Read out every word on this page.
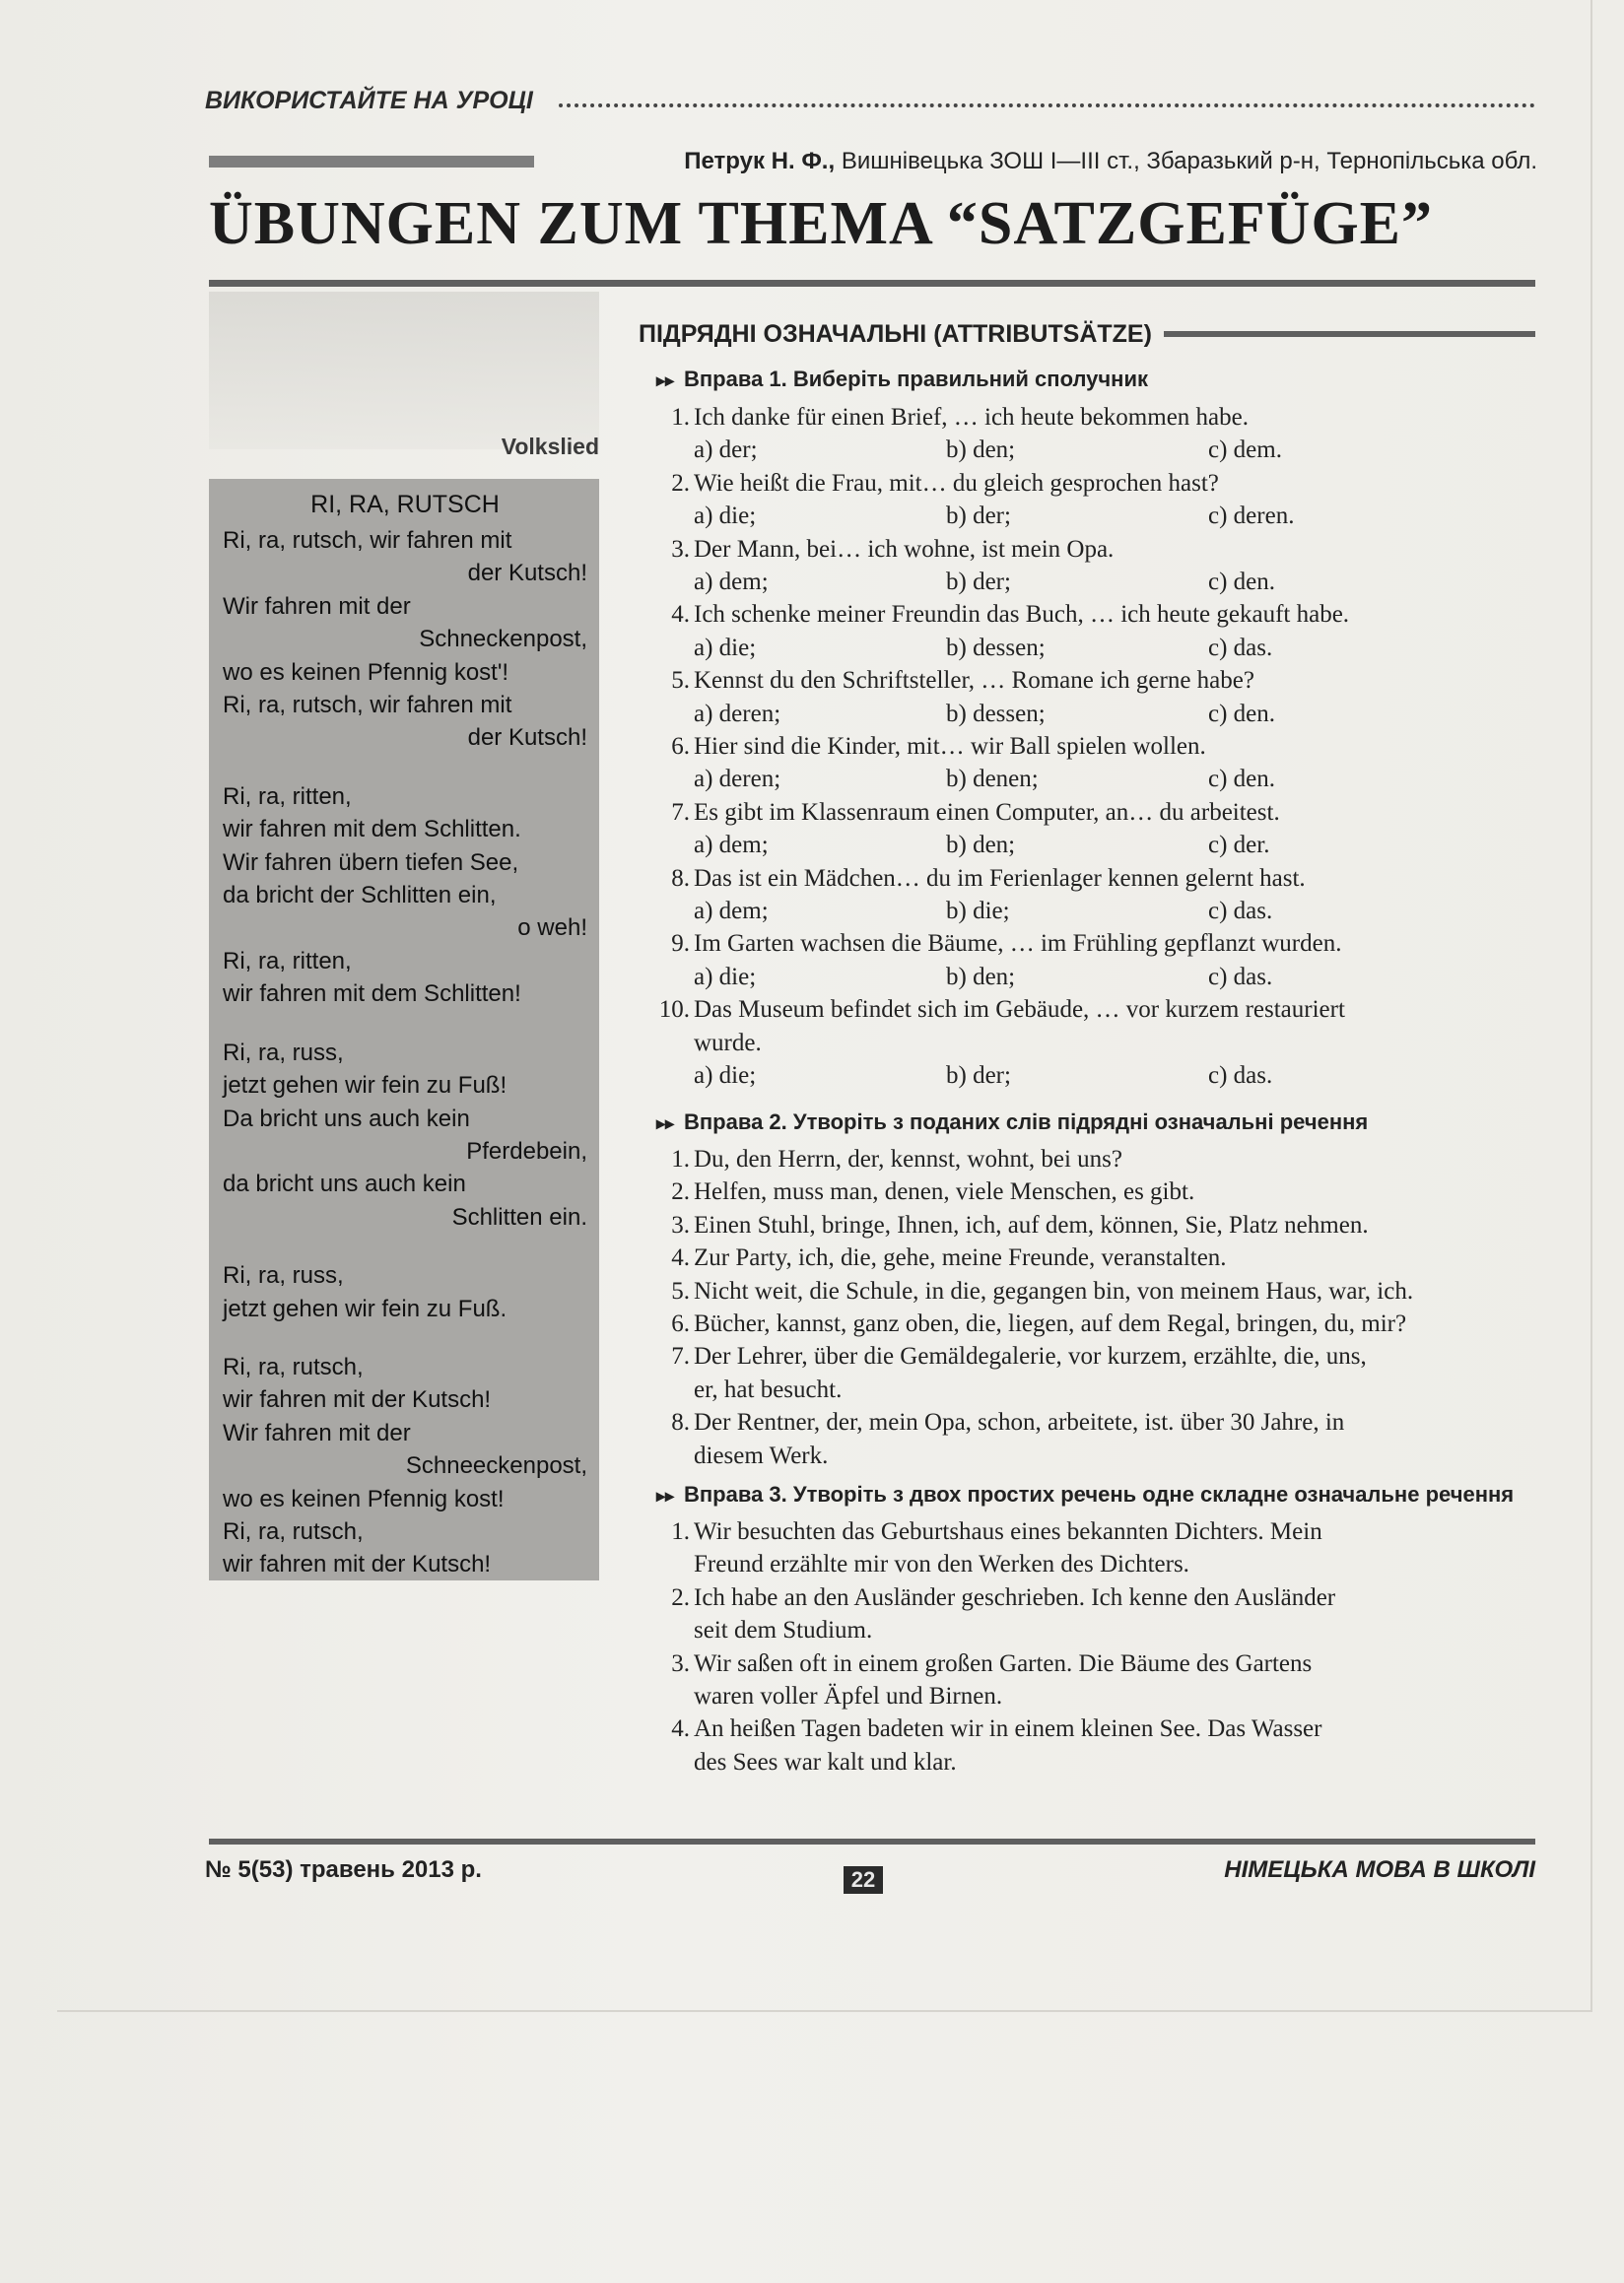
ВИКОРИСТАЙТЕ НА УРОЦІ
Петрук Н. Ф., Вишнівецька ЗОШ І—ІІІ ст., Збаразький р-н, Тернопільська обл.
ÜBUNGEN ZUM THEMA “SATZGEFÜGE”
Volkslied
RI, RA, RUTSCH
Ri, ra, rutsch, wir fahren mit
der Kutsch!
Wir fahren mit der
Schneckenpost,
wo es keinen Pfennig kost'!
Ri, ra, rutsch, wir fahren mit
der Kutsch!
Ri, ra, ritten,
wir fahren mit dem Schlitten.
Wir fahren übern tiefen See,
da bricht der Schlitten ein,
o weh!
Ri, ra, ritten,
wir fahren mit dem Schlitten!
Ri, ra, russ,
jetzt gehen wir fein zu Fuß!
Da bricht uns auch kein
Pferdebein,
da bricht uns auch kein
Schlitten ein.
Ri, ra, russ,
jetzt gehen wir fein zu Fuß.
Ri, ra, rutsch,
wir fahren mit der Kutsch!
Wir fahren mit der
Schneeckenpost,
wo es keinen Pfennig kost!
Ri, ra, rutsch,
wir fahren mit der Kutsch!
ПІДРЯДНІ ОЗНАЧАЛЬНІ (ATTRIBUTSÄTZE)
▸▸ Вправа 1. Виберіть правильний сполучник
1. Ich danke für einen Brief, … ich heute bekommen habe.
a) der;	b) den;	c) dem.
2. Wie heißt die Frau, mit… du gleich gesprochen hast?
a) die;	b) der;	c) deren.
3. Der Mann, bei… ich wohne, ist mein Opa.
a) dem;	b) der;	c) den.
4. Ich schenke meiner Freundin das Buch, … ich heute gekauft habe.
a) die;	b) dessen;	c) das.
5. Kennst du den Schriftsteller, … Romane ich gerne habe?
a) deren;	b) dessen;	c) den.
6. Hier sind die Kinder, mit… wir Ball spielen wollen.
a) deren;	b) denen;	c) den.
7. Es gibt im Klassenraum einen Computer, an… du arbeitest.
a) dem;	b) den;	c) der.
8. Das ist ein Mädchen… du im Ferienlager kennen gelernt hast.
a) dem;	b) die;	c) das.
9. Im Garten wachsen die Bäume, … im Frühling gepflanzt wurden.
a) die;	b) den;	c) das.
10. Das Museum befindet sich im Gebäude, … vor kurzem restauriert
wurde.
a) die;	b) der;	c) das.
▸▸ Вправа 2. Утворіть з поданих слів підрядні означальні речення
1. Du, den Herrn, der, kennst, wohnt, bei uns?
2. Helfen, muss man, denen, viele Menschen, es gibt.
3. Einen Stuhl, bringe, Ihnen, ich, auf dem, können, Sie, Platz nehmen.
4. Zur Party, ich, die, gehe, meine Freunde, veranstalten.
5. Nicht weit, die Schule, in die, gegangen bin, von meinem Haus, war, ich.
6. Bücher, kannst, ganz oben, die, liegen, auf dem Regal, bringen, du, mir?
7. Der Lehrer, über die Gemäldegalerie, vor kurzem, erzählte, die, uns,
er, hat besucht.
8. Der Rentner, der, mein Opa, schon, arbeitete, ist. über 30 Jahre, in
diesem Werk.
▸▸ Вправа 3. Утворіть з двох простих речень одне складне означальне речення
1. Wir besuchten das Geburtshaus eines bekannten Dichters. Mein
Freund erzählte mir von den Werken des Dichters.
2. Ich habe an den Ausländer geschrieben. Ich kenne den Ausländer
seit dem Studium.
3. Wir saßen oft in einem großen Garten. Die Bäume des Gartens
waren voller Äpfel und Birnen.
4. An heißen Tagen badeten wir in einem kleinen See. Das Wasser
des Sees war kalt und klar.
№ 5(53) травень 2013 р.	22	НІМЕЦЬКА МОВА В ШКОЛІ
